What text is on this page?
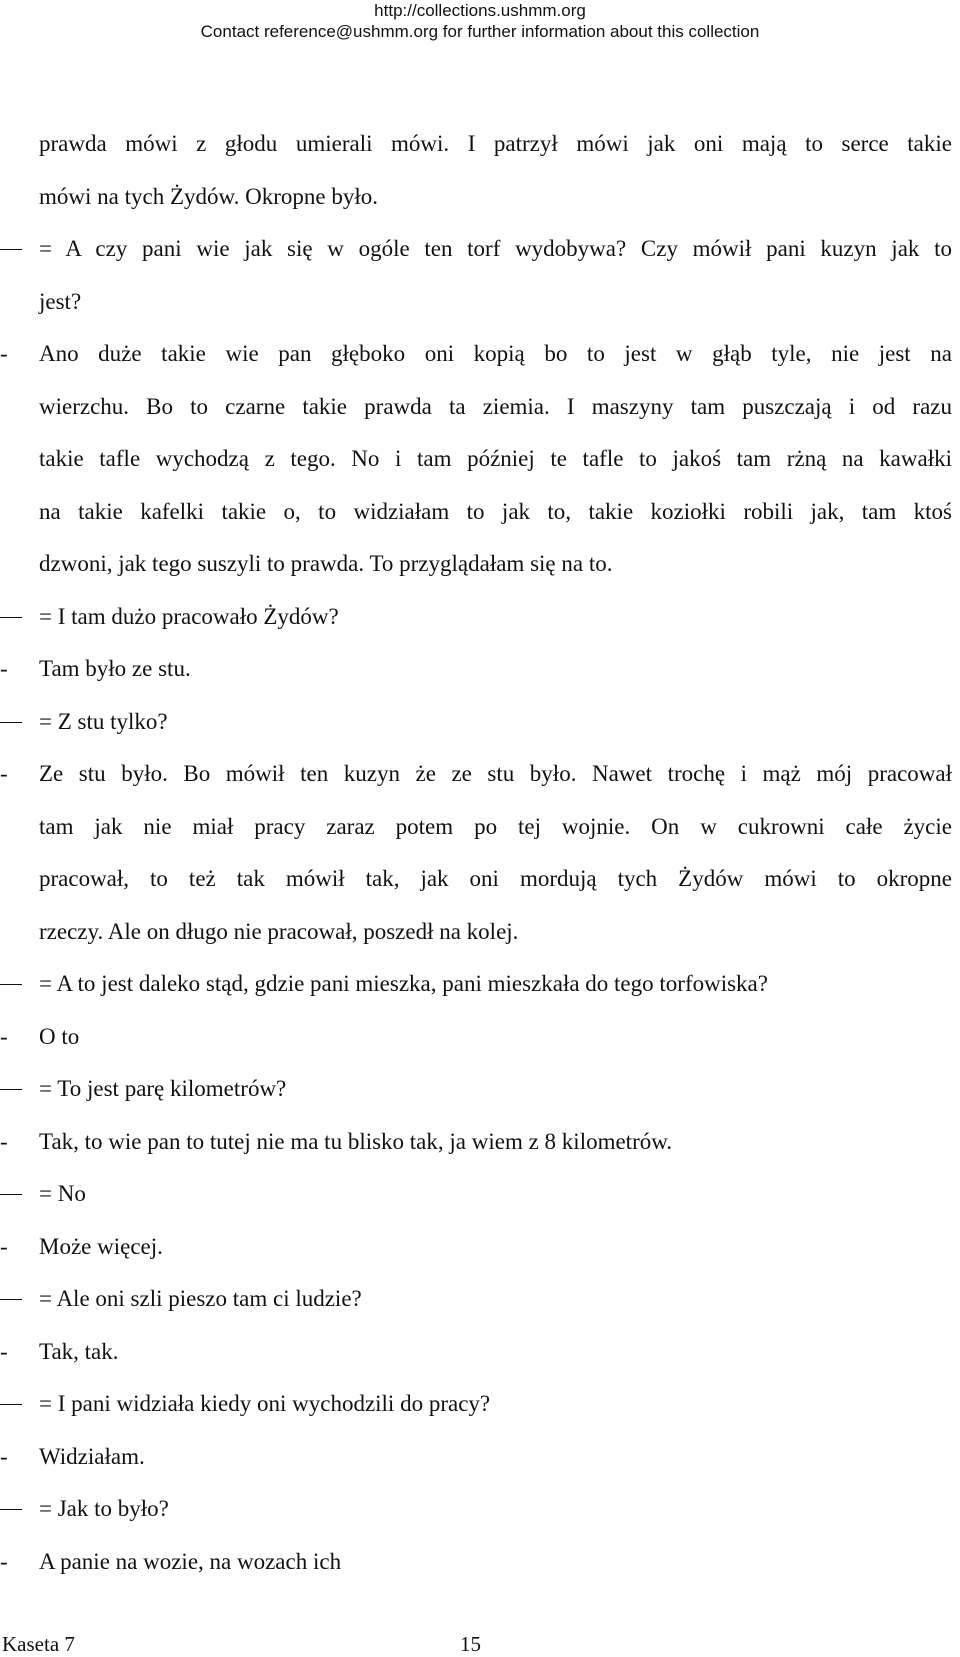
http://collections.ushmm.org
Contact reference@ushmm.org for further information about this collection
prawda mówi z głodu umierali mówi. I patrzył mówi jak oni mają to serce takie
mówi na tych Żydów. Okropne było.
= A czy pani wie jak się w ogóle ten torf wydobywa? Czy mówił pani kuzyn jak to
jest?
- Ano duże takie wie pan głęboko oni kopią bo to jest w głąb tyle, nie jest na
wierzchu. Bo to czarne takie prawda ta ziemia. I maszyny tam puszczają i od razu
takie tafle wychodzą z tego. No i tam później te tafle to jakoś tam rżną na kawałki
na takie kafelki takie o, to widziałam to jak to, takie koziołki robili jak, tam ktoś
dzwoni, jak tego suszyli to prawda. To przyglądałam się na to.
= I tam dużo pracowało Żydów?
- Tam było ze stu.
= Z stu tylko?
- Ze stu było. Bo mówił ten kuzyn że ze stu było. Nawet trochę i mąż mój pracował
tam jak nie miał pracy zaraz potem po tej wojnie. On w cukrowni całe życie
pracował, to też tak mówił tak, jak oni mordują tych Żydów mówi to okropne
rzeczy. Ale on długo nie pracował, poszedł na kolej.
= A to jest daleko stąd, gdzie pani mieszka, pani mieszkała do tego torfowiska?
- O to
= To jest parę kilometrów?
- Tak, to wie pan to tutej nie ma tu blisko tak, ja wiem z 8 kilometrów.
= No
- Może więcej.
= Ale oni szli pieszo tam ci ludzie?
- Tak, tak.
= I pani widziała kiedy oni wychodzili do pracy?
- Widziałam.
= Jak to było?
- A panie na wozie, na wozach ich
Kaseta 7	15
